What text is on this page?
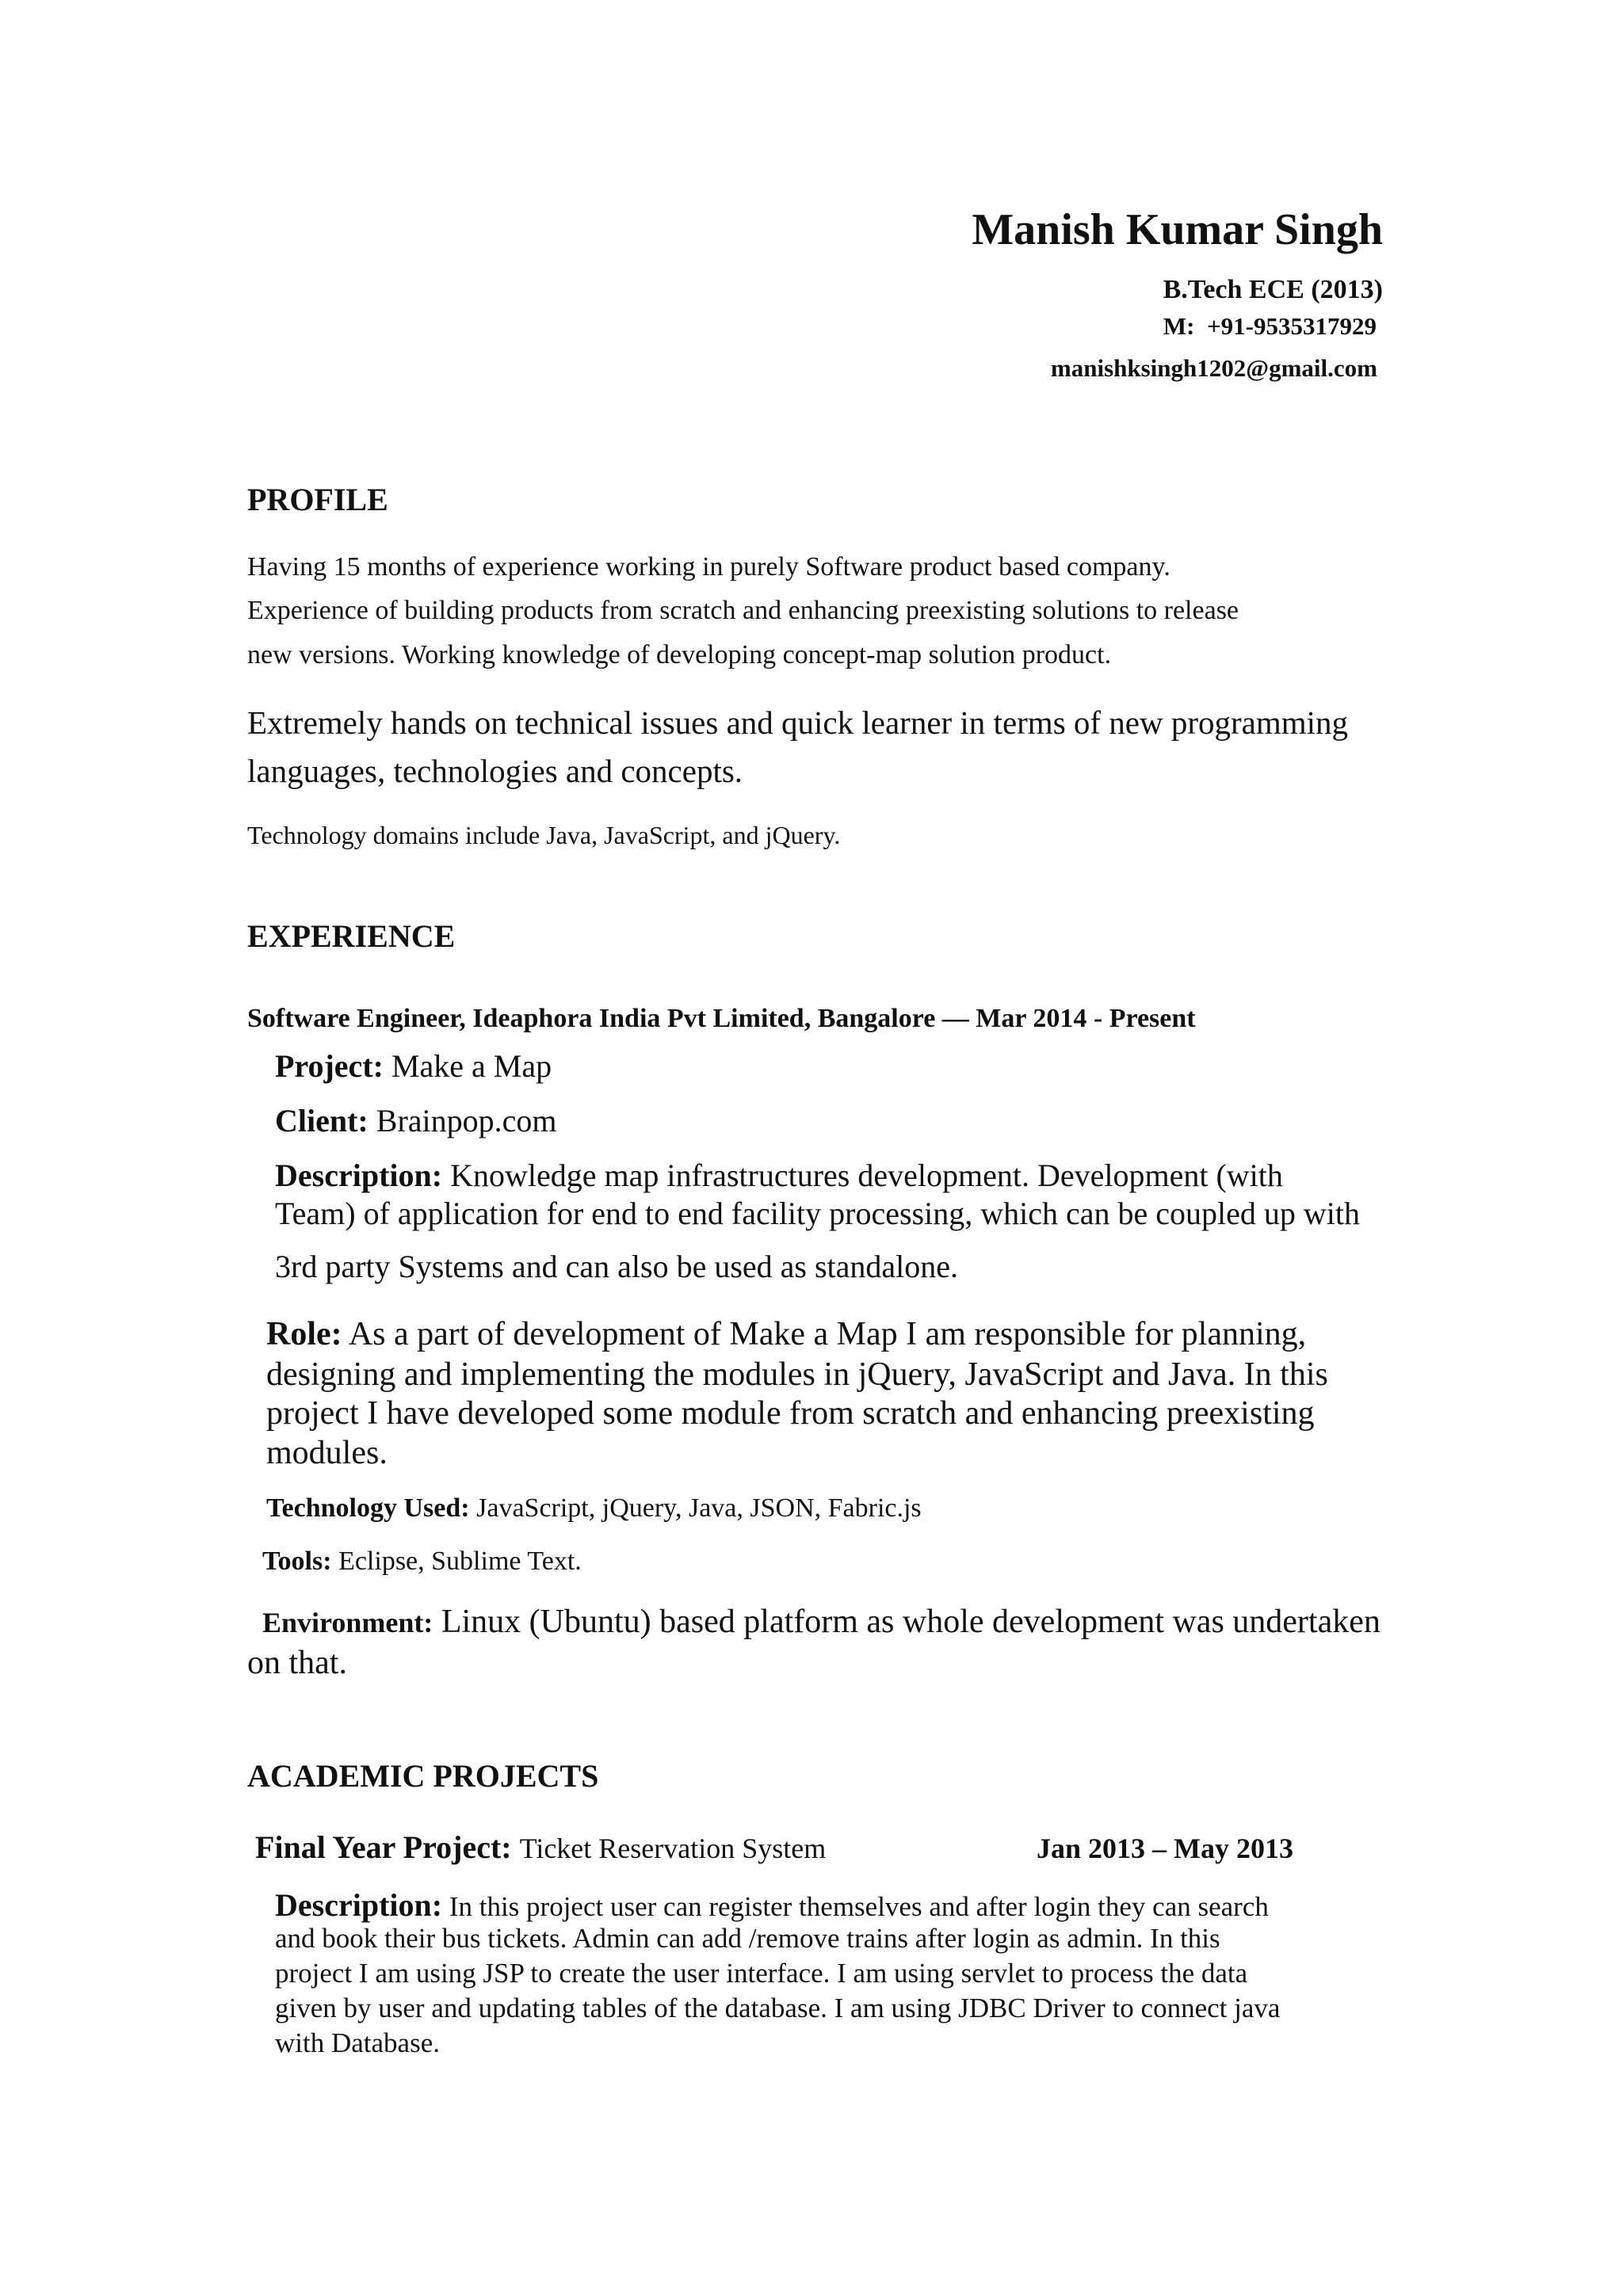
Manish Kumar Singh
B.Tech ECE (2013)
M: +91-9535317929
manishksingh1202@gmail.com
PROFILE
Having 15 months of experience working in purely Software product based company.
Experience of building products from scratch and enhancing preexisting solutions to release
new versions. Working knowledge of developing concept-map solution product.
Extremely hands on technical issues and quick learner in terms of new programming
languages, technologies and concepts.
Technology domains include Java, JavaScript, and jQuery.
EXPERIENCE
Software Engineer, Ideaphora India Pvt Limited, Bangalore — Mar 2014 - Present
Project: Make a Map
Client: Brainpop.com
Description: Knowledge map infrastructures development. Development (with
Team) of application for end to end facility processing, which can be coupled up with
3rd party Systems and can also be used as standalone.
Role: As a part of development of Make a Map I am responsible for planning,
designing and implementing the modules in jQuery, JavaScript and Java. In this
project I have developed some module from scratch and enhancing preexisting
modules.
Technology Used: JavaScript, jQuery, Java, JSON, Fabric.js
Tools: Eclipse, Sublime Text.
Environment: Linux (Ubuntu) based platform as whole development was undertaken
on that.
ACADEMIC PROJECTS
Final Year Project: Ticket Reservation System	Jan 2013 – May 2013
Description: In this project user can register themselves and after login they can search
and book their bus tickets. Admin can add /remove trains after login as admin. In this
project I am using JSP to create the user interface. I am using servlet to process the data
given by user and updating tables of the database. I am using JDBC Driver to connect java
with Database.
